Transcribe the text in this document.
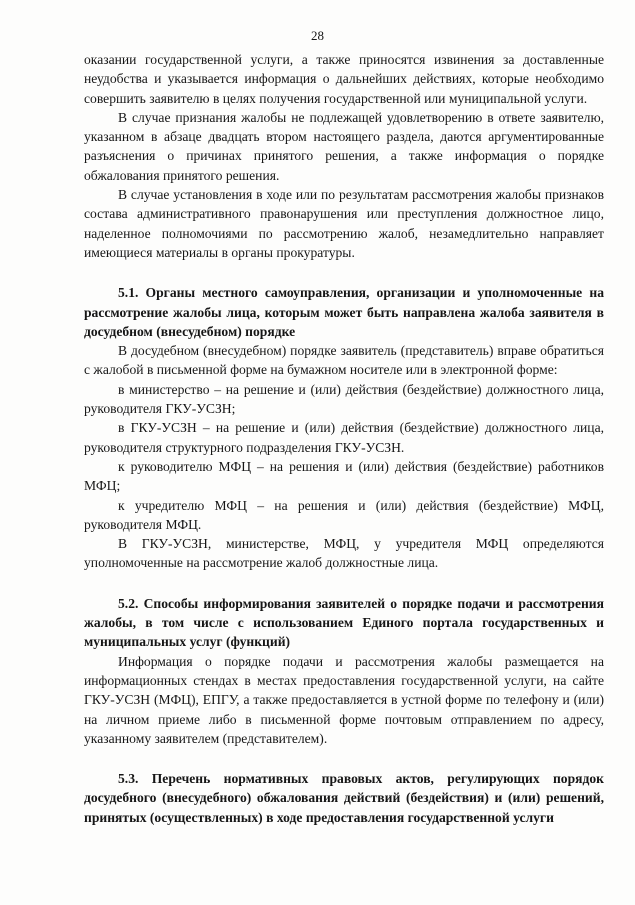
28

оказании государственной услуги, а также приносятся извинения за доставленные неудобства и указывается информация о дальнейших действиях, которые необходимо совершить заявителю в целях получения государственной или муниципальной услуги.

В случае признания жалобы не подлежащей удовлетворению в ответе заявителю, указанном в абзаце двадцать втором настоящего раздела, даются аргументированные разъяснения о причинах принятого решения, а также информация о порядке обжалования принятого решения.

В случае установления в ходе или по результатам рассмотрения жалобы признаков состава административного правонарушения или преступления должностное лицо, наделенное полномочиями по рассмотрению жалоб, незамедлительно направляет имеющиеся материалы в органы прокуратуры.

5.1. Органы местного самоуправления, организации и уполномоченные на рассмотрение жалобы лица, которым может быть направлена жалоба заявителя в досудебном (внесудебном) порядке

В досудебном (внесудебном) порядке заявитель (представитель) вправе обратиться с жалобой в письменной форме на бумажном носителе или в электронной форме:

в министерство – на решение и (или) действия (бездействие) должностного лица, руководителя ГКУ-УСЗН;

в ГКУ-УСЗН – на решение и (или) действия (бездействие) должностного лица, руководителя структурного подразделения ГКУ-УСЗН.

к руководителю МФЦ – на решения и (или) действия (бездействие) работников МФЦ;

к учредителю МФЦ – на решения и (или) действия (бездействие) МФЦ, руководителя МФЦ.

В ГКУ-УСЗН, министерстве, МФЦ, у учредителя МФЦ определяются уполномоченные на рассмотрение жалоб должностные лица.

5.2. Способы информирования заявителей о порядке подачи и рассмотрения жалобы, в том числе с использованием Единого портала государственных и муниципальных услуг (функций)

Информация о порядке подачи и рассмотрения жалобы размещается на информационных стендах в местах предоставления государственной услуги, на сайте ГКУ-УСЗН (МФЦ), ЕПГУ, а также предоставляется в устной форме по телефону и (или) на личном приеме либо в письменной форме почтовым отправлением по адресу, указанному заявителем (представителем).

5.3. Перечень нормативных правовых актов, регулирующих порядок досудебного (внесудебного) обжалования действий (бездействия) и (или) решений, принятых (осуществленных) в ходе предоставления государственной услуги
